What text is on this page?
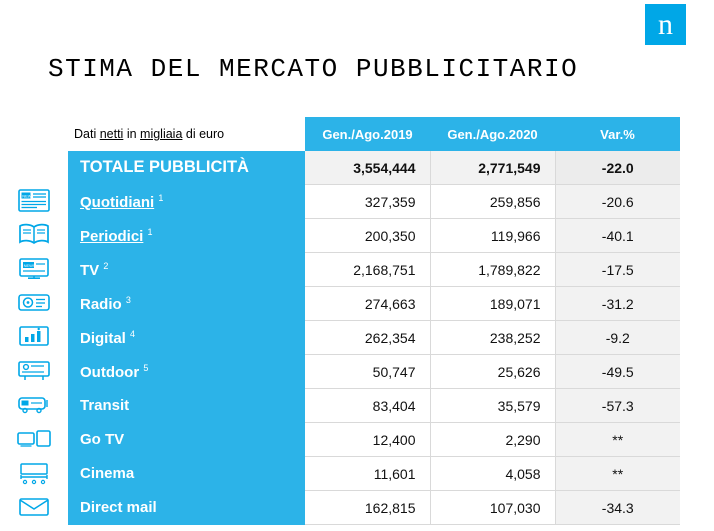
n
STIMA DEL MERCATO PUBBLICITARIO
	Dati netti in migliaia di euro	Gen./Ago.2019	Gen./Ago.2020	Var.%
	TOTALE PUBBLICITÀ	3,554,444	2,771,549	-22.0

NEWS	Quotidiani $^1$	327,359	259,856	-20.6

	Periodici $^1$	200,350	119,966	-40.1

NEWS	TV $^2$	2,168,751	1,789,822	-17.5

	Radio $^3$	274,663	189,071	-31.2

	Digital $^4$	262,354	238,252	-9.2

	Outdoor $^5$	50,747	25,626	-49.5

	Transit	83,404	35,579	-57.3

	Go TV	12,400	2,290	**

	Cinema	11,601	4,058	**

	Direct mail	162,815	107,030	-34.3
